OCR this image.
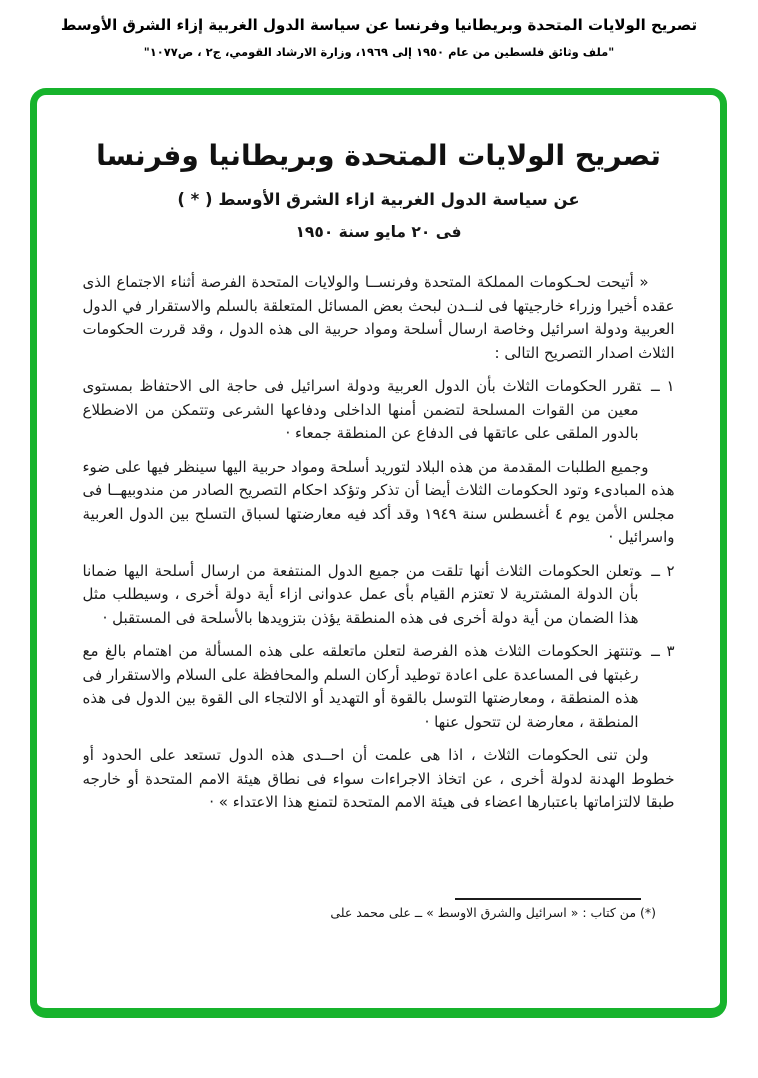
تصريح الولايات المتحدة وبريطانيا وفرنسا عن سياسة الدول الغربية إزاء الشرق الأوسط
"ملف وثائق فلسطين من عام ١٩٥٠ إلى ١٩٦٩، وزارة الارشاد القومي، ج٢ ، ص١٠٧٧"
تصريح الولايات المتحدة وبريطانيا وفرنسا
عن سياسة الدول الغربية ازاء الشرق الأوسط ( * )
فى ٢٠ مايو سنة ١٩٥٠

« أتيحت لحـكومات المملكة المتحدة وفرنســا والولايات المتحدة الفرصة أثناء الاجتماع الذى عقده أخيرا وزراء خارجيتها فى لنــدن لبحث بعض المسائل المتعلقة بالسلم والاستقرار في الدول العربية ودولة اسرائيل وخاصة ارسال أسلحة ومواد حربية الى هذه الدول ، وقد قررت الحكومات الثلاث اصدار التصريح التالى :

١ ــتقرر الحكومات الثلاث بأن الدول العربية ودولة اسرائيل فى حاجة الى الاحتفاظ بمستوى معين من القوات المسلحة لتضمن أمنها الداخلى ودفاعها الشرعى وتتمكن من الاضطلاع بالدور الملقى على عاتقها فى الدفاع عن المنطقة جمعاء ·

وجميع الطلبات المقدمة من هذه البلاد لتوريد أسلحة ومواد حربية اليها سينظر فيها على ضوء هذه المبادىء وتود الحكومات الثلاث أيضا أن تذكر وتؤكد احكام التصريح الصادر من مندوبيهــا فى مجلس الأمن يوم ٤ أغسطس سنة ١٩٤٩ وقد أكد فيه معارضتها لسباق التسلح بين الدول العربية واسرائيل ·

٢ ــوتعلن الحكومات الثلاث أنها تلقت من جميع الدول المنتفعة من ارسال أسلحة اليها ضمانا بأن الدولة المشترية لا تعتزم القيام بأى عمل عدوانى ازاء أية دولة أخرى ، وسيطلب مثل هذا الضمان من أية دولة أخرى فى هذه المنطقة يؤذن بتزويدها بالأسلحة فى المستقبل ·

٣ ــوتنتهز الحكومات الثلاث هذه الفرصة لتعلن ماتعلقه على هذه المسألة من اهتمام بالغ مع رغبتها فى المساعدة على اعادة توطيد أركان السلم والمحافظة على السلام والاستقرار فى هذه المنطقة ، ومعارضتها التوسل بالقوة أو التهديد أو الالتجاء الى القوة بين الدول فى هذه المنطقة ، معارضة لن تتحول عنها ·

ولن تنى الحكومات الثلاث ، اذا هى علمت أن احــدى هذه الدول تستعد على الحدود أو خطوط الهدنة لدولة أخرى ، عن اتخاذ الاجراءات سواء فى نطاق هيئة الامم المتحدة أو خارجه طبقا لالتزاماتها باعتبارها اعضاء فى هيئة الامم المتحدة لتمنع هذا الاعتداء » ·

(*) من كتاب : « اسرائيل والشرق الاوسط » ــ على محمد على
